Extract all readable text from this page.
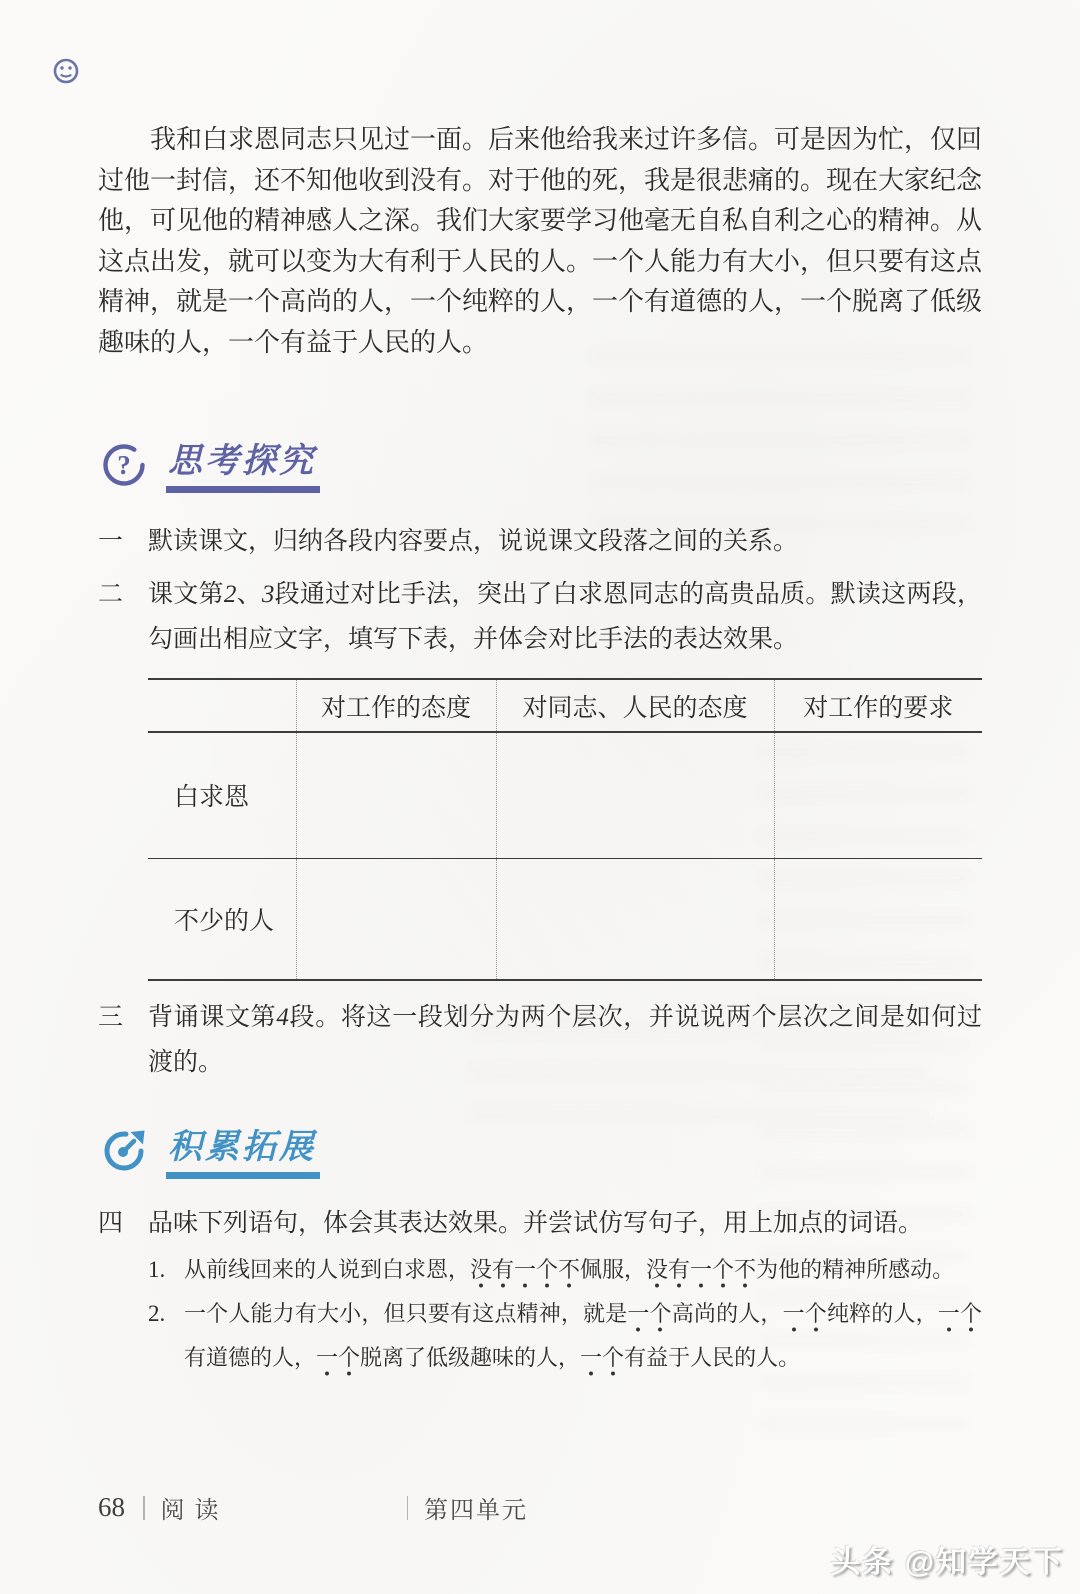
我和白求恩同志只见过一面。后来他给我来过许多信。可是因为忙，仅回过他一封信，还不知他收到没有。对于他的死，我是很悲痛的。现在大家纪念他，可见他的精神感人之深。我们大家要学习他毫无自私自利之心的精神。从这点出发，就可以变为大有利于人民的人。一个人能力有大小，但只要有这点精神，就是一个高尚的人，一个纯粹的人，一个有道德的人，一个脱离了低级趣味的人，一个有益于人民的人。

? 思考探究
一 默读课文，归纳各段内容要点，说说课文段落之间的关系。
二 课文第2、3段通过对比手法，突出了白求恩同志的高贵品质。默读这两段，勾画出相应文字，填写下表，并体会对比手法的表达效果。
	对工作的态度	对同志、人民的态度	对工作的要求
白求恩			
不少的人			
三 背诵课文第4段。将这一段划分为两个层次，并说说两个层次之间是如何过渡的。
积累拓展
四 品味下列语句，体会其表达效果。并尝试仿写句子，用上加点的词语。
1. 从前线回来的人说到白求恩，没有一个不佩服，没有一个不为他的精神所感动。
2. 一个人能力有大小，但只要有这点精神，就是一个高尚的人，一个纯粹的人，一个有道德的人，一个脱离了低级趣味的人，一个有益于人民的人。
68 阅 读	第四单元
头条 @知学天下
